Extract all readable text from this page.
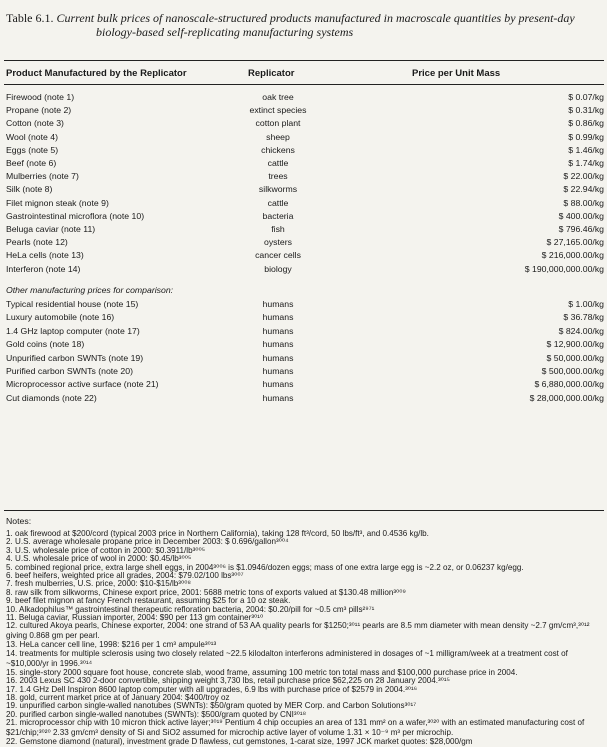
Table 6.1. Current bulk prices of nanoscale-structured products manufactured in macroscale quantities by present-day
biology-based self-replicating manufacturing systems
Product Manufactured by the Replicator	Replicator	Price per Unit Mass
Firewood (note 1)	oak tree	$ 0.07/kg
Propane (note 2)	extinct species	$ 0.31/kg
Cotton (note 3)	cotton plant	$ 0.86/kg
Wool (note 4)	sheep	$ 0.99/kg
Eggs (note 5)	chickens	$ 1.46/kg
Beef (note 6)	cattle	$ 1.74/kg
Mulberries (note 7)	trees	$ 22.00/kg
Silk (note 8)	silkworms	$ 22.94/kg
Filet mignon steak (note 9)	cattle	$ 88.00/kg
Gastrointestinal microflora (note 10)	bacteria	$ 400.00/kg
Beluga caviar (note 11)	fish	$ 796.46/kg
Pearls (note 12)	oysters	$ 27,165.00/kg
HeLa cells (note 13)	cancer cells	$ 216,000.00/kg
Interferon (note 14)	biology	$ 190,000,000.00/kg
Other manufacturing prices for comparison:
Typical residential house (note 15)	humans	$ 1.00/kg
Luxury automobile (note 16)	humans	$ 36.78/kg
1.4 GHz laptop computer (note 17)	humans	$ 824.00/kg
Gold coins (note 18)	humans	$ 12,900.00/kg
Unpurified carbon SWNTs (note 19)	humans	$ 50,000.00/kg
Purified carbon SWNTs (note 20)	humans	$ 500,000.00/kg
Microprocessor active surface (note 21)	humans	$ 6,880,000.00/kg
Cut diamonds (note 22)	humans	$ 28,000,000.00/kg
Notes:
1. oak firewood at $200/cord (typical 2003 price in Northern California), taking 128 ft³/cord, 50 lbs/ft³, and 0.4536 kg/lb.
2. U.S. average wholesale propane price in December 2003: $ 0.696/gallon³⁰⁰⁴
3. U.S. wholesale price of cotton in 2000: $0.3911/lb³⁰⁰⁵
4. U.S. wholesale price of wool in 2000: $0.45/lb³⁰⁰⁵
5. combined regional price, extra large shell eggs, in 2004³⁰⁰⁶ is $1.0946/dozen eggs; mass of one extra large egg is ~2.2 oz, or 0.06237 kg/egg.
6. beef heifers, weighted price all grades, 2004: $79.02/100 lbs³⁰⁰⁷
7. fresh mulberries, U.S. price, 2000: $10-$15/lb³⁰⁰⁸
8. raw silk from silkworms, Chinese export price, 2001: 5688 metric tons of exports valued at $130.48 million³⁰⁰⁹
9. beef filet mignon at fancy French restaurant, assuming $25 for a 10 oz steak.
10. Alkadophilus™ gastrointestinal therapeutic refloration bacteria, 2004: $0.20/pill for ~0.5 cm³ pills²⁹⁷¹
11. Beluga caviar, Russian importer, 2004: $90 per 113 gm container³⁰¹⁰
12. cultured Akoya pearls, Chinese exporter, 2004: one strand of 53 AA quality pearls for $1250;³⁰¹¹ pearls are 8.5 mm diameter with mean density ~2.7 gm/cm³,³⁰¹² giving 0.868 gm per pearl.
13. HeLa cancer cell line, 1998: $216 per 1 cm³ ampule³⁰¹³
14. treatments for multiple sclerosis using two closely related ~22.5 kilodalton interferons administered in dosages of ~1 milligram/week at a treatment cost of ~$10,000/yr in 1996.³⁰¹⁴
15. single-story 2000 square foot house, concrete slab, wood frame, assuming 100 metric ton total mass and $100,000 purchase price in 2004.
16. 2003 Lexus SC 430 2-door convertible, shipping weight 3,730 lbs, retail purchase price $62,225 on 28 January 2004.³⁰¹⁵
17. 1.4 GHz Dell Inspiron 8600 laptop computer with all upgrades, 6.9 lbs with purchase price of $2579 in 2004.³⁰¹⁶
18. gold, current market price at of January 2004: $400/troy oz
19. unpurified carbon single-walled nanotubes (SWNTs): $50/gram quoted by MER Corp. and Carbon Solutions³⁰¹⁷
20. purified carbon single-walled nanotubes (SWNTs): $500/gram quoted by CNI³⁰¹⁸
21. microprocessor chip with 10 micron thick active layer;³⁰¹⁹ Pentium 4 chip occupies an area of 131 mm² on a wafer,³⁰²⁰ with an estimated manufacturing cost of $21/chip;³⁰²⁰ 2.33 gm/cm³ density of Si and SiO2 assumed for microchip active layer of volume 1.31 × 10⁻⁹ m³ per microchip.
22. Gemstone diamond (natural), investment grade D flawless, cut gemstones, 1-carat size, 1997 JCK market quotes: $28,000/gm
